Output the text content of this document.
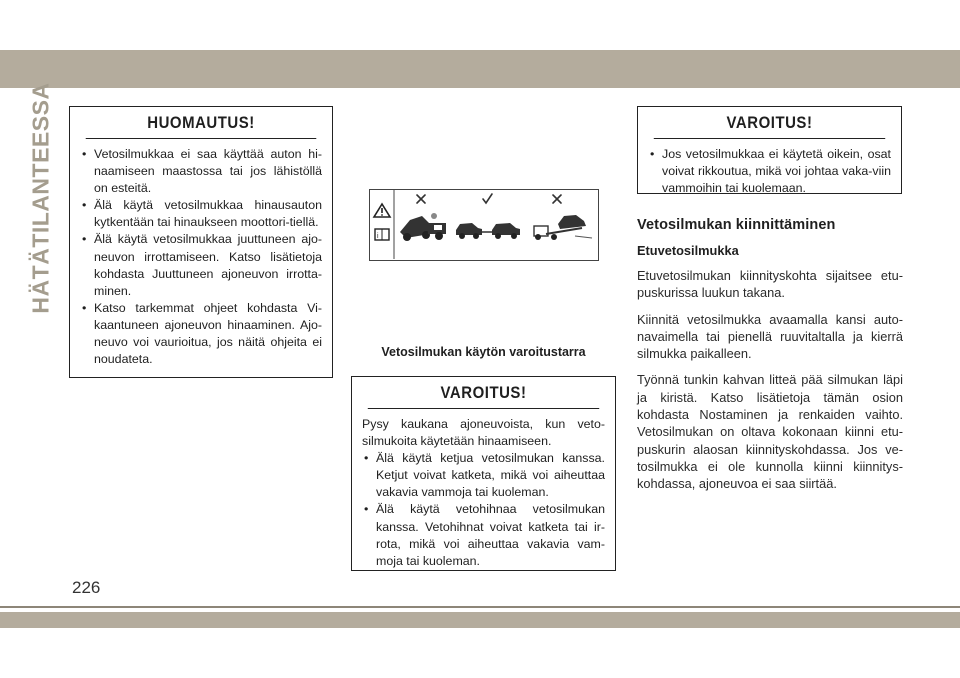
HÄTÄTILANTEESSA	HUOMAUTUS!
• Vetosilmukkaa ei saa käyttää auton hi-naamiseen maastossa tai jos lähistöllä on esteitä.
• Älä käytä vetosilmukkaa hinausauton kytkentään tai hinaukseen moottori-tiellä.
• Älä käytä vetosilmukkaa juuttuneen ajo-neuvon irrottamiseen. Katso lisätietoja kohdasta Juuttuneen ajoneuvon irrotta-minen.
• Katso tarkemmat ohjeet kohdasta Vi-kaantuneen ajoneuvon hinaaminen. Ajo-neuvo voi vaurioitua, jos näitä ohjeita ei noudateta.
i
Vetosilmukan käytön varoitustarra
VAROITUS!

Pysy kaukana ajoneuvoista, kun veto-silmukoita käytetään hinaamiseen.

• Älä käytä ketjua vetosilmukan kanssa. Ketjut voivat katketa, mikä voi aiheuttaa vakavia vammoja tai kuoleman.
• Älä käytä vetohihnaa vetosilmukan kanssa. Vetohihnat voivat katketa tai ir-rota, mikä voi aiheuttaa vakavia vam-moja tai kuoleman.
VAROITUS!
• Jos vetosilmukkaa ei käytetä oikein, osat voivat rikkoutua, mikä voi johtaa vaka-viin vammoihin tai kuolemaan.
Vetosilmukan kiinnittäminen
Etuvetosilmukka

Etuvetosilmukan kiinnityskohta sijaitsee etu-puskurissa luukun takana.

Kiinnitä vetosilmukka avaamalla kansi auto-navaimella tai pienellä ruuvitaltalla ja kierrä silmukka paikalleen.

Työnnä tunkin kahvan litteä pää silmukan läpi ja kiristä. Katso lisätietoja tämän osion kohdasta Nostaminen ja renkaiden vaihto. Vetosilmukan on oltava kokonaan kiinni etu-puskurin alaosan kiinnityskohdassa. Jos ve-tosilmukka ei ole kunnolla kiinni kiinnitys-kohdassa, ajoneuvoa ei saa siirtää.

226
